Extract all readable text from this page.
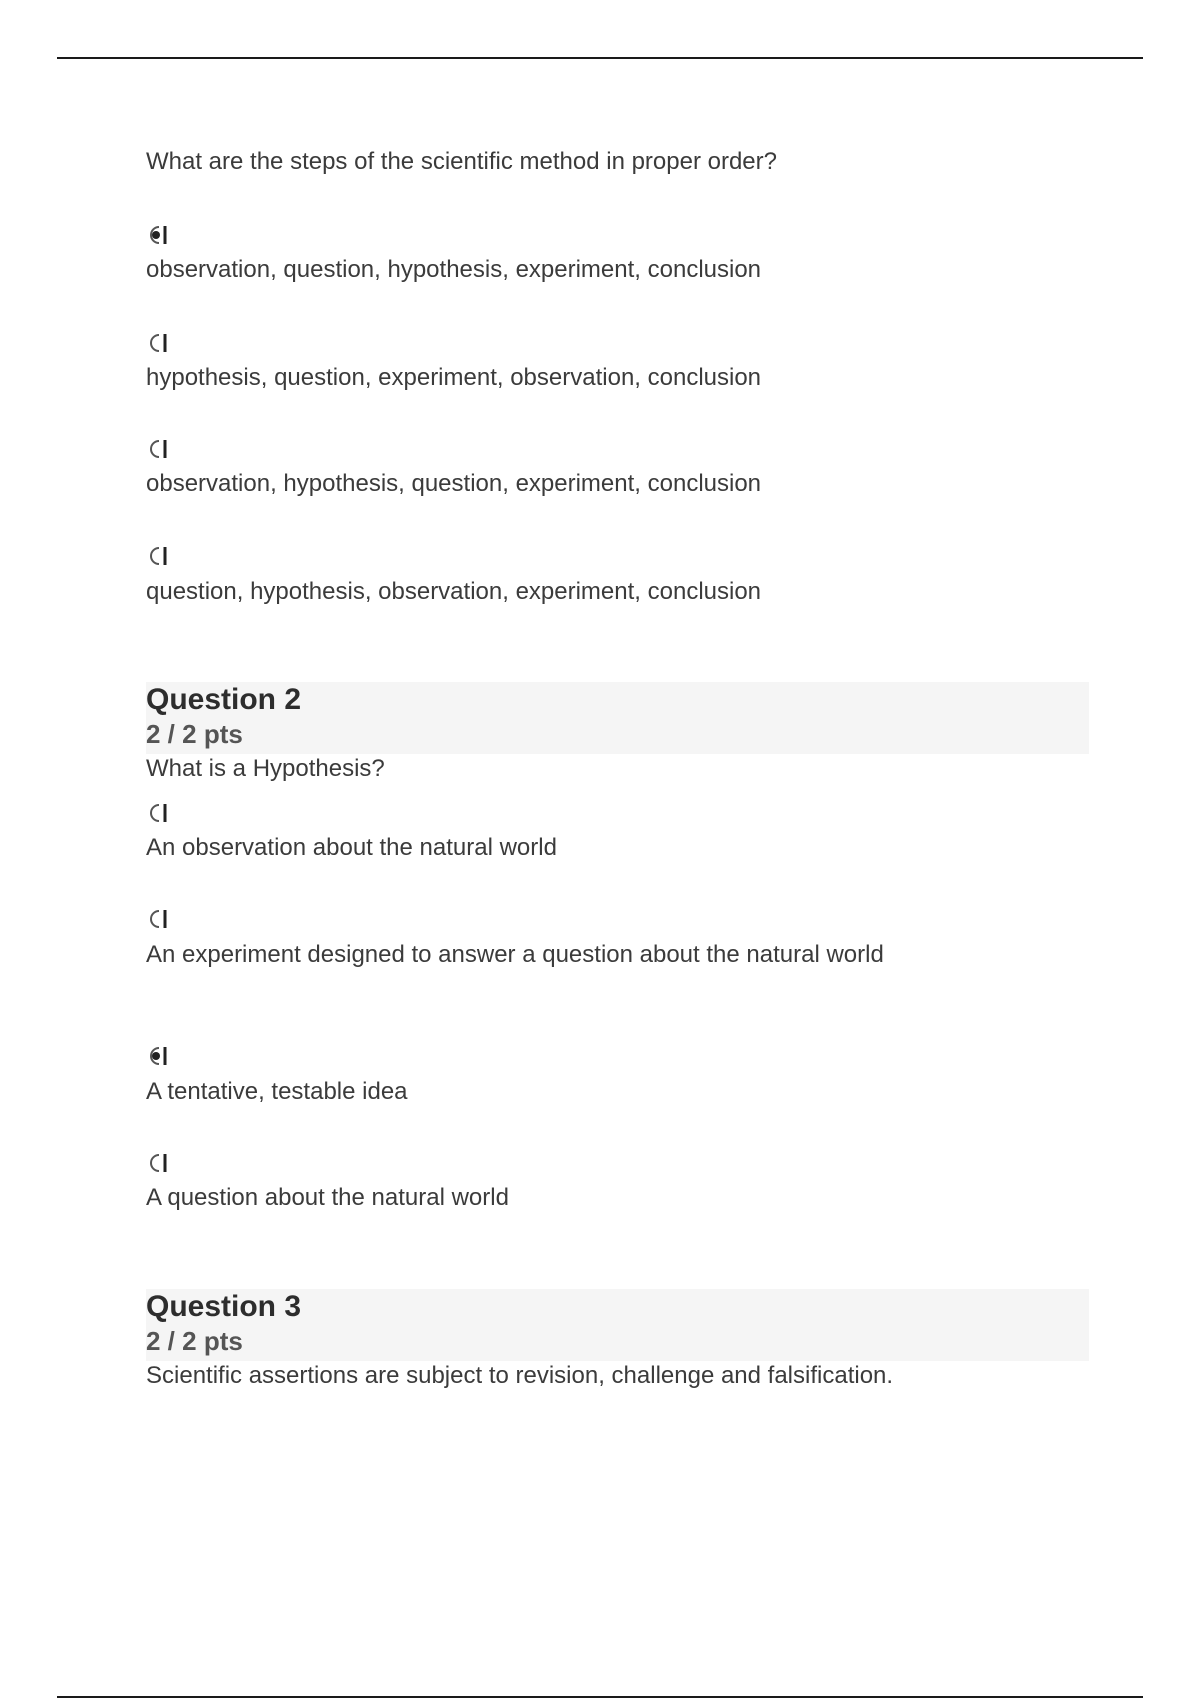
What are the steps of the scientific method in proper order?
observation, question, hypothesis, experiment, conclusion
hypothesis, question, experiment, observation, conclusion
observation, hypothesis, question, experiment, conclusion
question, hypothesis, observation, experiment, conclusion
Question 2
2 / 2 pts
What is a Hypothesis?
An observation about the natural world
An experiment designed to answer a question about the natural world
A tentative, testable idea
A question about the natural world
Question 3
2 / 2 pts
Scientific assertions are subject to revision, challenge and falsification.
